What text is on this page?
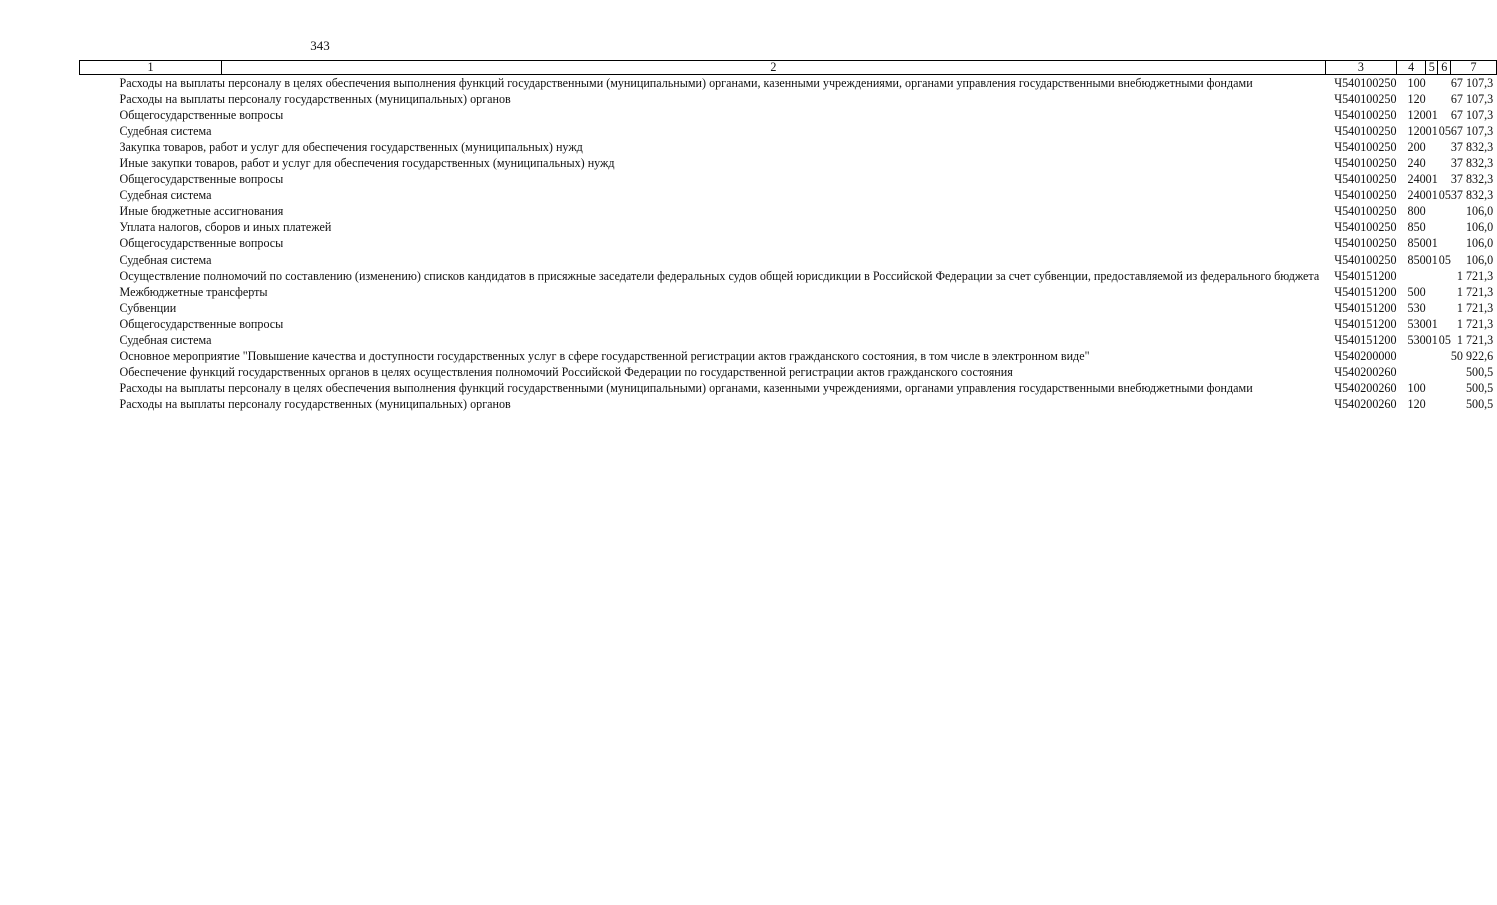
343
1	2	3	4	5	6	7
Расходы на выплаты персоналу в целях обеспечения выполнения функций государственными (муниципальными) органами, казенными учреждениями, органами управления государственными внебюджетными фондами		Ч540100250	100			67 107,3
Расходы на выплаты персоналу государственных (муниципальных) органов		Ч540100250	120			67 107,3
Общегосударственные вопросы		Ч540100250	120	01		67 107,3
Судебная система		Ч540100250	120	01	05	67 107,3
Закупка товаров, работ и услуг для обеспечения государственных (муниципальных) нужд		Ч540100250	200			37 832,3
Иные закупки товаров, работ и услуг для обеспечения государственных (муниципальных) нужд		Ч540100250	240			37 832,3
Общегосударственные вопросы		Ч540100250	240	01		37 832,3
Судебная система		Ч540100250	240	01	05	37 832,3
Иные бюджетные ассигнования		Ч540100250	800			106,0
Уплата налогов, сборов и иных платежей		Ч540100250	850			106,0
Общегосударственные вопросы		Ч540100250	850	01		106,0
Судебная система		Ч540100250	850	01	05	106,0
Осуществление полномочий по составлению (изменению) списков кандидатов в присяжные заседатели федеральных судов общей юрисдикции в Российской Федерации за счет субвенции, предоставляемой из федерального бюджета		Ч540151200				1 721,3
Межбюджетные трансферты		Ч540151200	500			1 721,3
Субвенции		Ч540151200	530			1 721,3
Общегосударственные вопросы		Ч540151200	530	01		1 721,3
Судебная система		Ч540151200	530	01	05	1 721,3
Основное мероприятие "Повышение качества и доступности государственных услуг в сфере государственной регистрации актов гражданского состояния, в том числе в электронном виде"		Ч540200000				50 922,6
Обеспечение функций государственных органов в целях осуществления полномочий Российской Федерации по государственной регистрации актов гражданского состояния		Ч540200260				500,5
Расходы на выплаты персоналу в целях обеспечения выполнения функций государственными (муниципальными) органами, казенными учреждениями, органами управления государственными внебюджетными фондами		Ч540200260	100			500,5
Расходы на выплаты персоналу государственных (муниципальных) органов		Ч540200260	120			500,5
